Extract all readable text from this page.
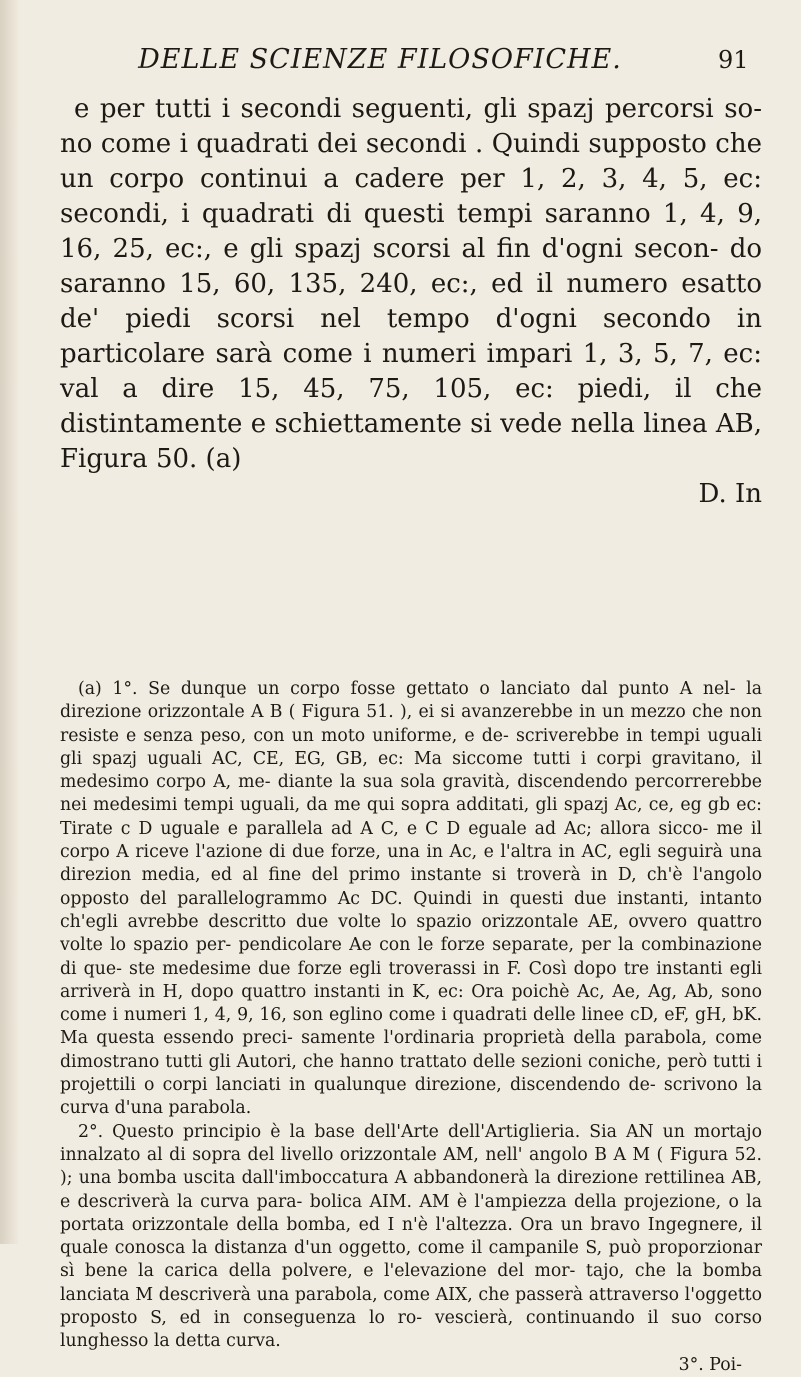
DELLE SCIENZE FILOSOFICHE.	91

e per tutti i secondi seguenti, gli spazj percorsi so- no come i quadrati dei secondi . Quindi supposto che un corpo continui a cadere per 1, 2, 3, 4, 5, ec: secondi, i quadrati di questi tempi saranno 1, 4, 9, 16, 25, ec:, e gli spazj scorsi al fin d'ogni secon- do saranno 15, 60, 135, 240, ec:, ed il numero esatto de' piedi scorsi nel tempo d'ogni secondo in particolare sarà come i numeri impari 1, 3, 5, 7, ec: val a dire 15, 45, 75, 105, ec: piedi, il che distintamente e schiettamente si vede nella linea AB, Figura 50. (a)

D. In

(a) 1°. Se dunque un corpo fosse gettato o lanciato dal punto A nel- la direzione orizzontale A B ( Figura 51. ), ei si avanzerebbe in un mezzo che non resiste e senza peso, con un moto uniforme, e de- scriverebbe in tempi uguali gli spazj uguali AC, CE, EG, GB, ec: Ma siccome tutti i corpi gravitano, il medesimo corpo A, me- diante la sua sola gravità, discendendo percorrerebbe nei medesimi tempi uguali, da me qui sopra additati, gli spazj Ac, ce, eg gb ec: Tirate c D uguale e parallela ad A C, e C D eguale ad Ac; allora sicco- me il corpo A riceve l'azione di due forze, una in Ac, e l'altra in AC, egli seguirà una direzion media, ed al fine del primo instante si troverà in D, ch'è l'angolo opposto del parallelogrammo Ac DC. Quindi in questi due instanti, intanto ch'egli avrebbe descritto due volte lo spazio orizzontale AE, ovvero quattro volte lo spazio per- pendicolare Ae con le forze separate, per la combinazione di que- ste medesime due forze egli troverassi in F. Così dopo tre instanti egli arriverà in H, dopo quattro instanti in K, ec: Ora poichè Ac, Ae, Ag, Ab, sono come i numeri 1, 4, 9, 16, son eglino come i quadrati delle linee cD, eF, gH, bK. Ma questa essendo preci- samente l'ordinaria proprietà della parabola, come dimostrano tutti gli Autori, che hanno trattato delle sezioni coniche, però tutti i projettili o corpi lanciati in qualunque direzione, discendendo de- scrivono la curva d'una parabola.

2°. Questo principio è la base dell'Arte dell'Artiglieria. Sia AN un mortajo innalzato al di sopra del livello orizzontale AM, nell' angolo B A M ( Figura 52. ); una bomba uscita dall'imboccatura A abbandonerà la direzione rettilinea AB, e descriverà la curva para- bolica AIM. AM è l'ampiezza della projezione, o la portata orizzontale della bomba, ed I n'è l'altezza. Ora un bravo Ingegnere, il quale conosca la distanza d'un oggetto, come il campanile S, può proporzionar sì bene la carica della polvere, e l'elevazione del mor- tajo, che la bomba lanciata M descriverà una parabola, come AIX, che passerà attraverso l'oggetto proposto S, ed in conseguenza lo ro- vescierà, continuando il suo corso lunghesso la detta curva.

3°. Poi-
